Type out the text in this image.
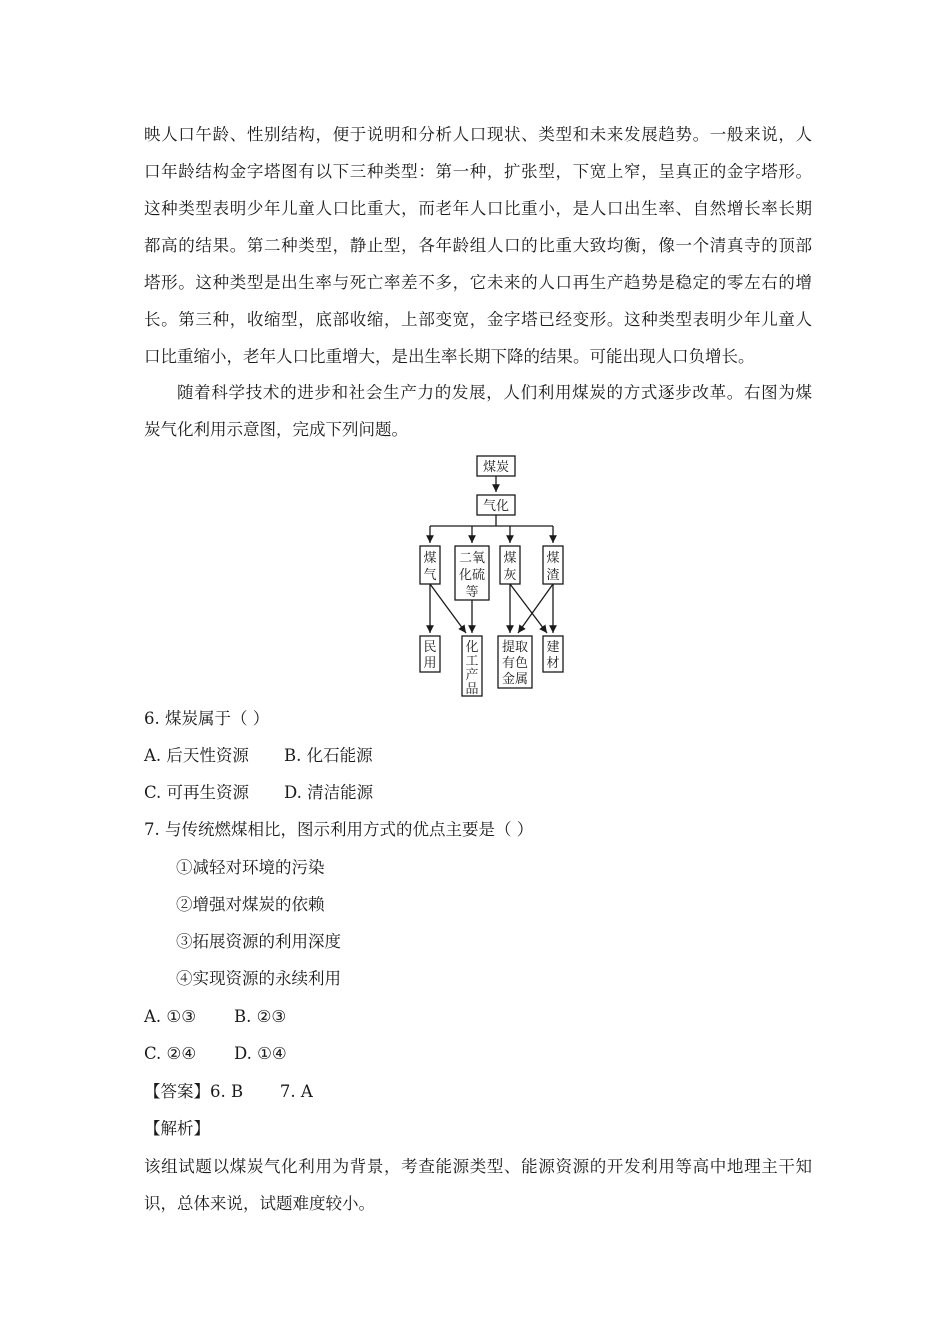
映人口午龄、性别结构，便于说明和分析人口现状、类型和未来发展趋势。一般来说，人
口年龄结构金字塔图有以下三种类型：第一种，扩张型，下宽上窄，呈真正的金字塔形。
这种类型表明少年儿童人口比重大，而老年人口比重小，是人口出生率、自然增长率长期
都高的结果。第二种类型，静止型，各年龄组人口的比重大致均衡，像一个清真寺的顶部
塔形。这种类型是出生率与死亡率差不多，它未来的人口再生产趋势是稳定的零左右的增
长。第三种，收缩型，底部收缩，上部变宽，金字塔已经变形。这种类型表明少年儿童人
口比重缩小，老年人口比重增大，是出生率长期下降的结果。可能出现人口负增长。
随着科学技术的进步和社会生产力的发展，人们利用煤炭的方式逐步改革。右图为煤
炭气化利用示意图，完成下列问题。
煤炭
气化
煤
气
二氧
化硫
等
煤
灰
煤
渣
民
用
化
工
产
品
提取
有色
金属
建
材
6. 煤炭属于（ ）
A. 后天性资源 B. 化石能源
C. 可再生资源 D. 清洁能源
7. 与传统燃煤相比，图示利用方式的优点主要是（ ）
①减轻对环境的污染
②增强对煤炭的依赖
③拓展资源的利用深度
④实现资源的永续利用
A. ①③ B. ②③
C. ②④ D. ①④
【答案】6. B       7. A
【解析】
该组试题以煤炭气化利用为背景，考查能源类型、能源资源的开发利用等高中地理主干知
识，总体来说，试题难度较小。
